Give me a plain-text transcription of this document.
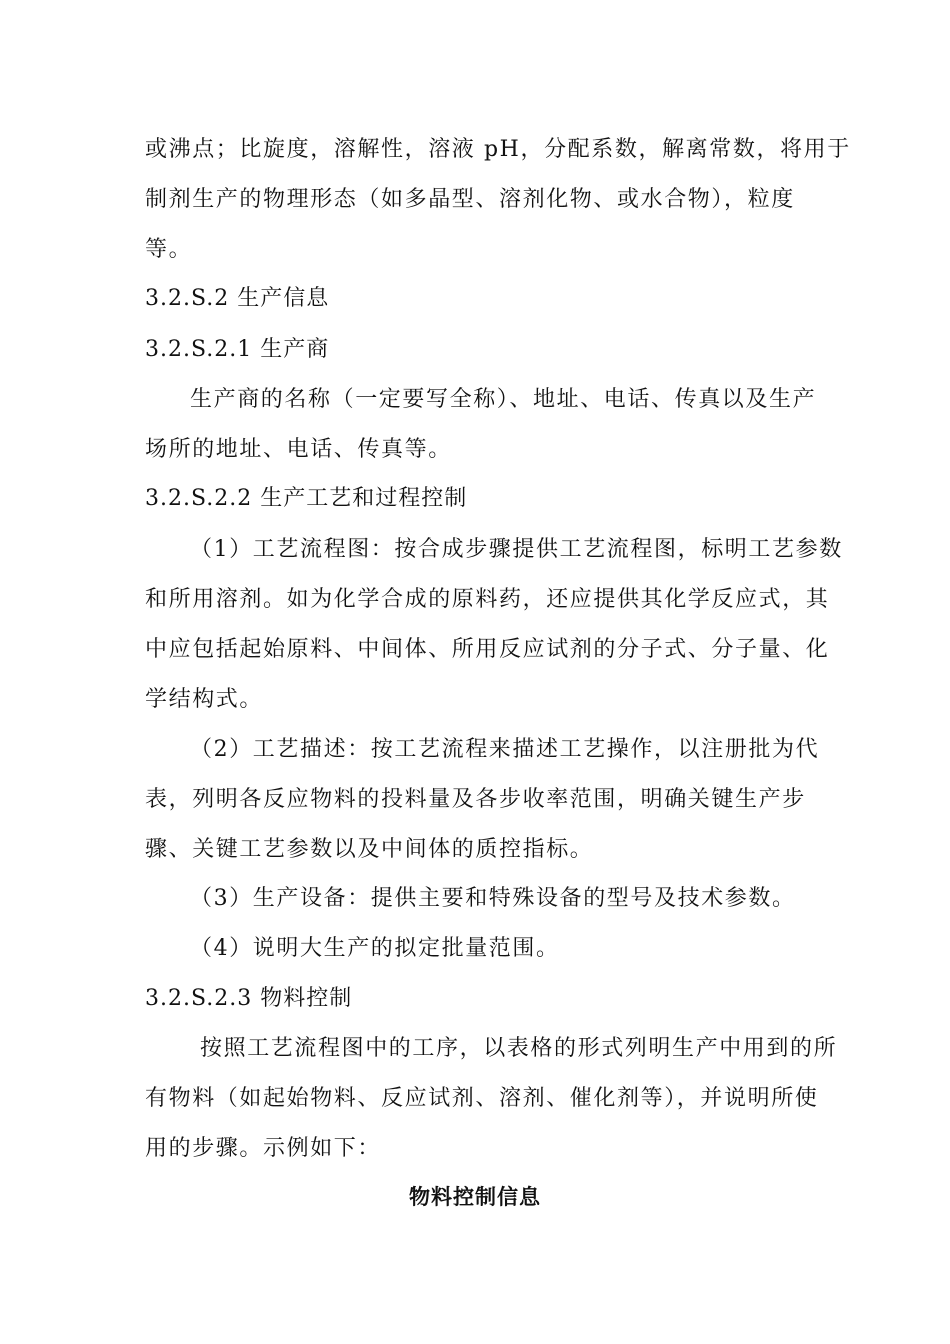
或沸点；比旋度，溶解性，溶液 pH，分配系数，解离常数，将用于
制剂生产的物理形态（如多晶型、溶剂化物、或水合物），粒度
等。
3.2.S.2 生产信息
3.2.S.2.1 生产商
生产商的名称（一定要写全称）、地址、电话、传真以及生产
场所的地址、电话、传真等。
3.2.S.2.2 生产工艺和过程控制
（1）工艺流程图：按合成步骤提供工艺流程图，标明工艺参数
和所用溶剂。如为化学合成的原料药，还应提供其化学反应式，其
中应包括起始原料、中间体、所用反应试剂的分子式、分子量、化
学结构式。
（2）工艺描述：按工艺流程来描述工艺操作，以注册批为代
表，列明各反应物料的投料量及各步收率范围，明确关键生产步
骤、关键工艺参数以及中间体的质控指标。
（3）生产设备：提供主要和特殊设备的型号及技术参数。
（4）说明大生产的拟定批量范围。
3.2.S.2.3 物料控制
按照工艺流程图中的工序，以表格的形式列明生产中用到的所
有物料（如起始物料、反应试剂、溶剂、催化剂等），并说明所使
用的步骤。示例如下：
物料控制信息
